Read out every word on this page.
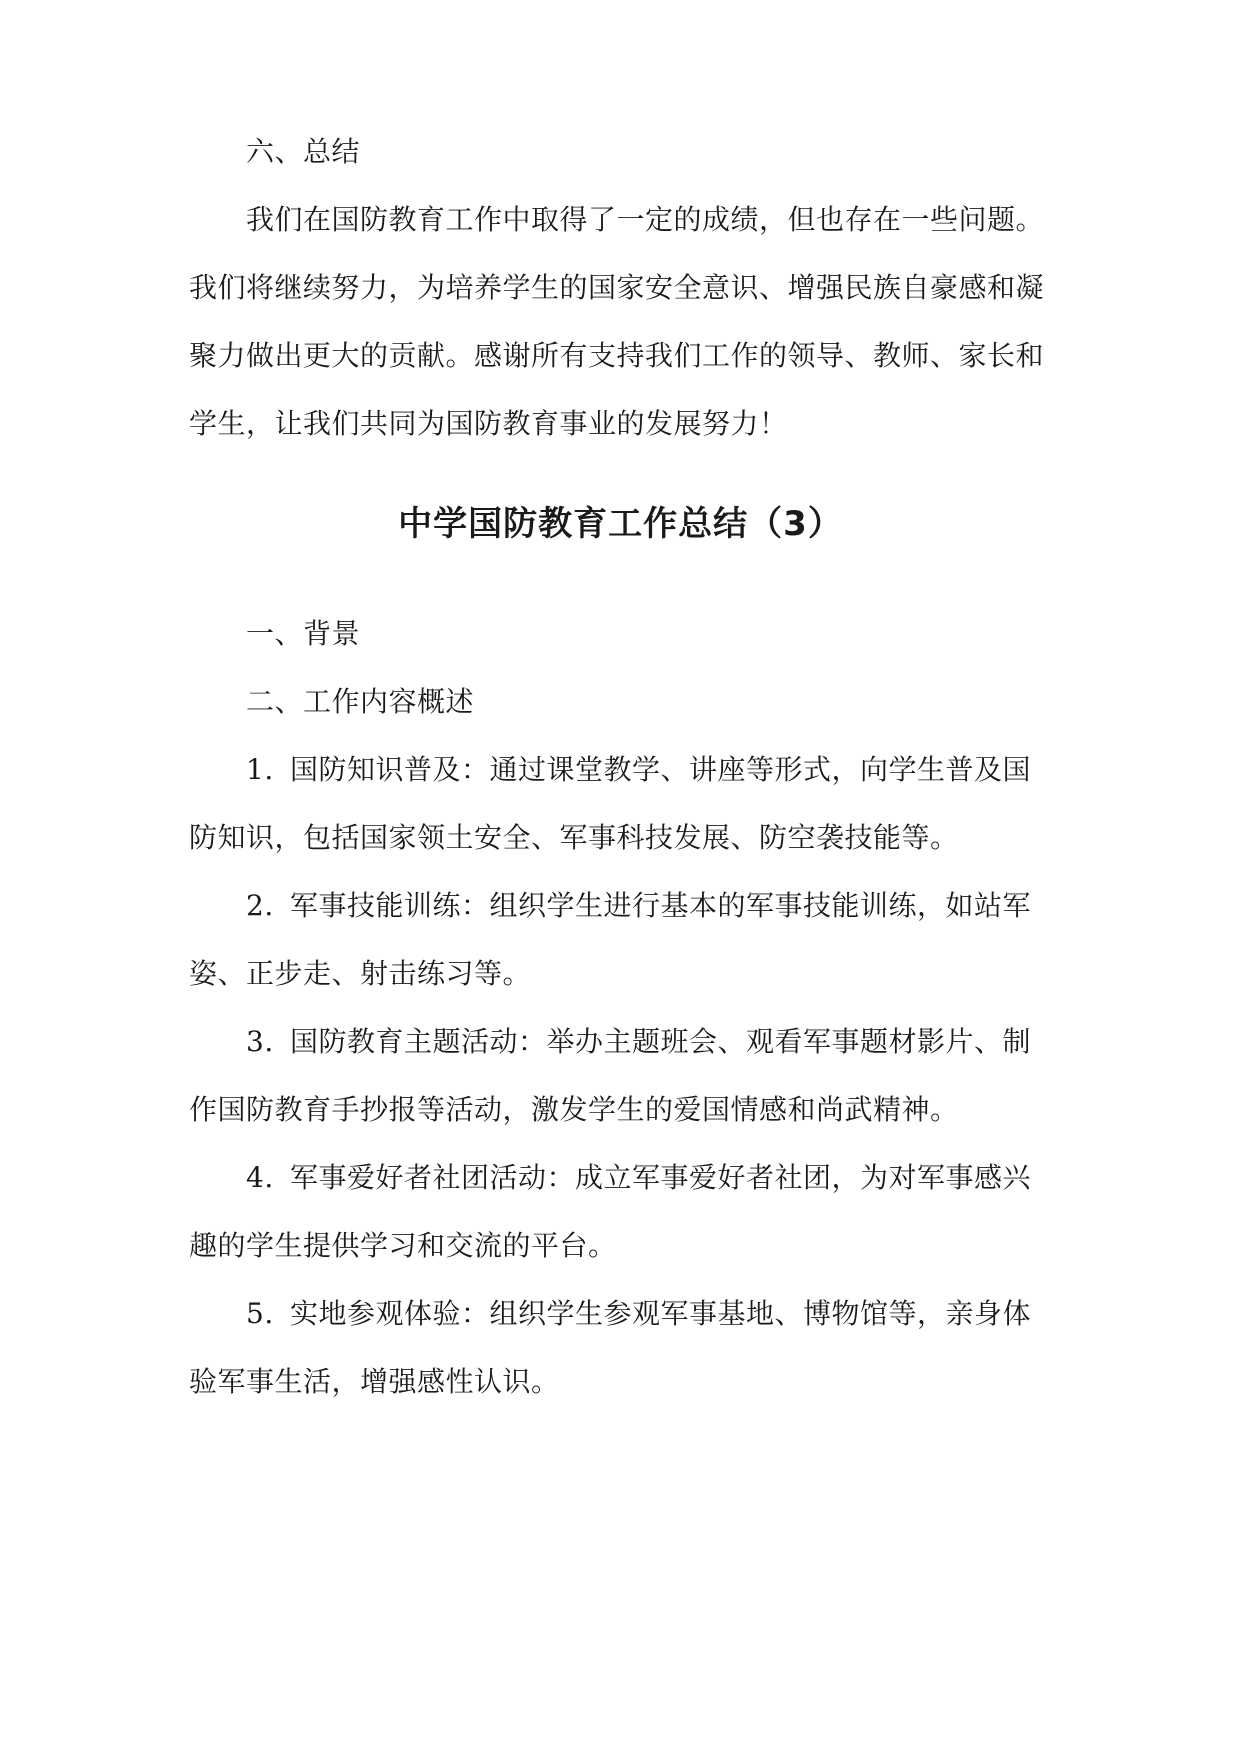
六、总结
我们在国防教育工作中取得了一定的成绩，但也存在一些问题。
我们将继续努力，为培养学生的国家安全意识、增强民族自豪感和凝
聚力做出更大的贡献。感谢所有支持我们工作的领导、教师、家长和
学生，让我们共同为国防教育事业的发展努力！
中学国防教育工作总结（3）
一、背景
二、工作内容概述
1. 国防知识普及：通过课堂教学、讲座等形式，向学生普及国
防知识，包括国家领土安全、军事科技发展、防空袭技能等。
2. 军事技能训练：组织学生进行基本的军事技能训练，如站军
姿、正步走、射击练习等。
3. 国防教育主题活动：举办主题班会、观看军事题材影片、制
作国防教育手抄报等活动，激发学生的爱国情感和尚武精神。
4. 军事爱好者社团活动：成立军事爱好者社团，为对军事感兴
趣的学生提供学习和交流的平台。
5. 实地参观体验：组织学生参观军事基地、博物馆等，亲身体
验军事生活，增强感性认识。
